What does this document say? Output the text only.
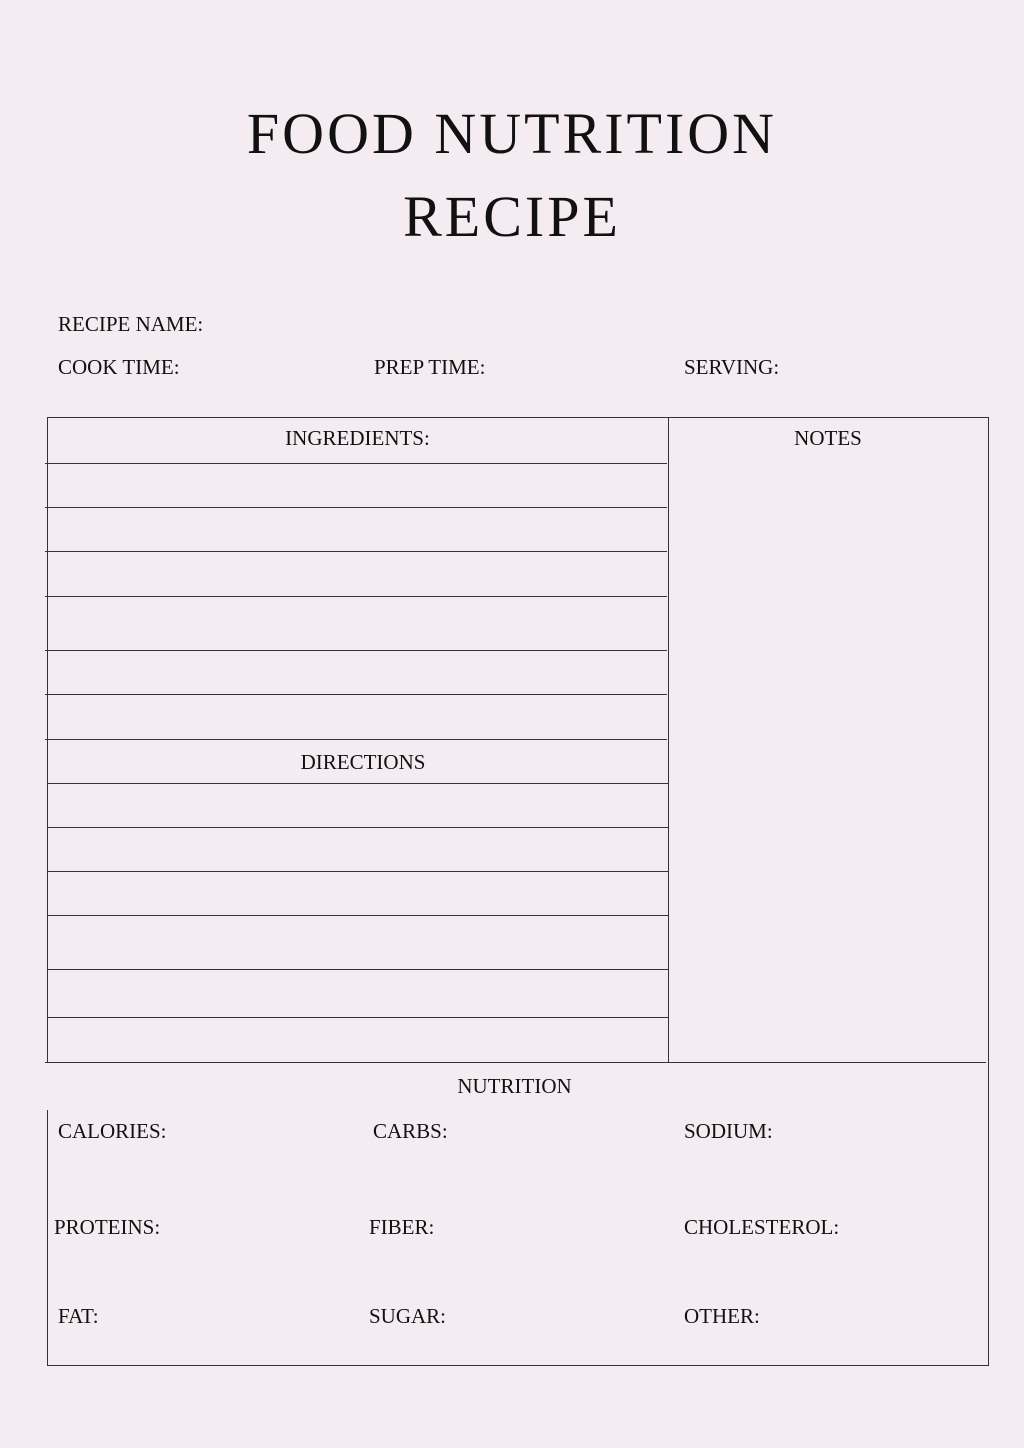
FOOD NUTRITION
RECIPE
RECIPE NAME:
COOK TIME:	PREP TIME:	SERVING:
INGREDIENTS:	NOTES
DIRECTIONS
NUTRITION
CALORIES:	CARBS:	SODIUM:
PROTEINS:	FIBER:	CHOLESTEROL:
FAT:	SUGAR:	OTHER:
